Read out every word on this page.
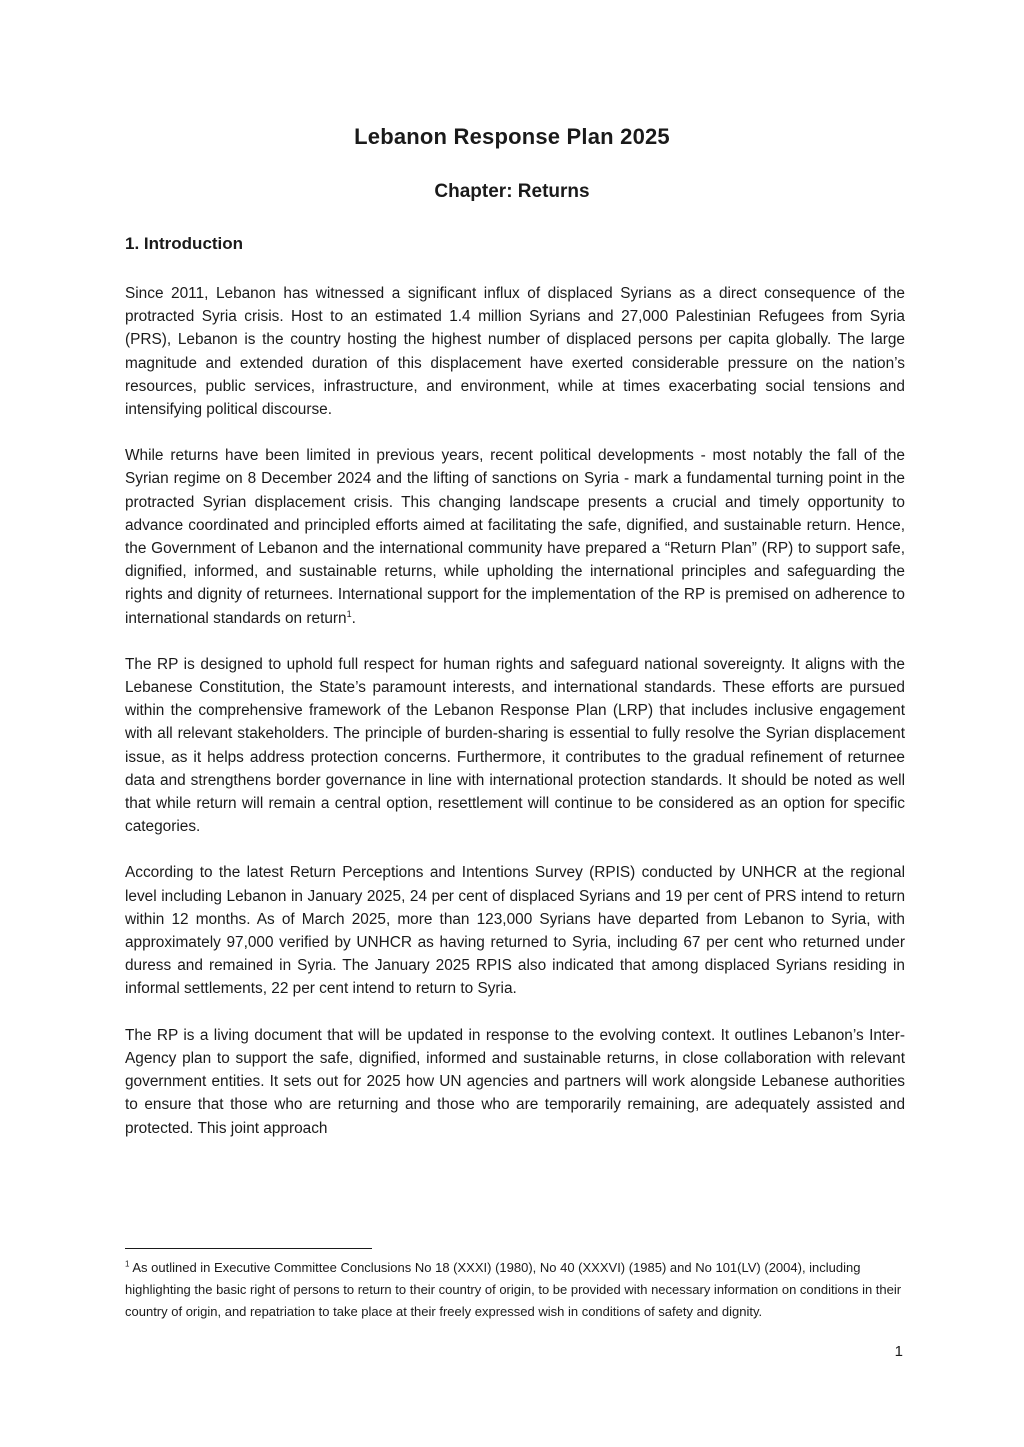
Lebanon Response Plan 2025
Chapter: Returns
1. Introduction

Since 2011, Lebanon has witnessed a significant influx of displaced Syrians as a direct consequence of the protracted Syria crisis. Host to an estimated 1.4 million Syrians and 27,000 Palestinian Refugees from Syria (PRS), Lebanon is the country hosting the highest number of displaced persons per capita globally. The large magnitude and extended duration of this displacement have exerted considerable pressure on the nation’s resources, public services, infrastructure, and environment, while at times exacerbating social tensions and intensifying political discourse.

While returns have been limited in previous years, recent political developments - most notably the fall of the Syrian regime on 8 December 2024 and the lifting of sanctions on Syria - mark a fundamental turning point in the protracted Syrian displacement crisis. This changing landscape presents a crucial and timely opportunity to advance coordinated and principled efforts aimed at facilitating the safe, dignified, and sustainable return. Hence, the Government of Lebanon and the international community have prepared a “Return Plan” (RP) to support safe, dignified, informed, and sustainable returns, while upholding the international principles and safeguarding the rights and dignity of returnees. International support for the implementation of the RP is premised on adherence to international standards on return$^1$.

The RP is designed to uphold full respect for human rights and safeguard national sovereignty. It aligns with the Lebanese Constitution, the State’s paramount interests, and international standards. These efforts are pursued within the comprehensive framework of the Lebanon Response Plan (LRP) that includes inclusive engagement with all relevant stakeholders. The principle of burden-sharing is essential to fully resolve the Syrian displacement issue, as it helps address protection concerns. Furthermore, it contributes to the gradual refinement of returnee data and strengthens border governance in line with international protection standards. It should be noted as well that while return will remain a central option, resettlement will continue to be considered as an option for specific categories.

According to the latest Return Perceptions and Intentions Survey (RPIS) conducted by UNHCR at the regional level including Lebanon in January 2025, 24 per cent of displaced Syrians and 19 per cent of PRS intend to return within 12 months. As of March 2025, more than 123,000 Syrians have departed from Lebanon to Syria, with approximately 97,000 verified by UNHCR as having returned to Syria, including 67 per cent who returned under duress and remained in Syria. The January 2025 RPIS also indicated that among displaced Syrians residing in informal settlements, 22 per cent intend to return to Syria.

The RP is a living document that will be updated in response to the evolving context. It outlines Lebanon’s Inter-Agency plan to support the safe, dignified, informed and sustainable returns, in close collaboration with relevant government entities. It sets out for 2025 how UN agencies and partners will work alongside Lebanese authorities to ensure that those who are returning and those who are temporarily remaining, are adequately assisted and protected. This joint approach

$^1$ As outlined in Executive Committee Conclusions No 18 (XXXI) (1980), No 40 (XXXVI) (1985) and No 101(LV) (2004), including highlighting the basic right of persons to return to their country of origin, to be provided with necessary information on conditions in their country of origin, and repatriation to take place at their freely expressed wish in conditions of safety and dignity.

1
